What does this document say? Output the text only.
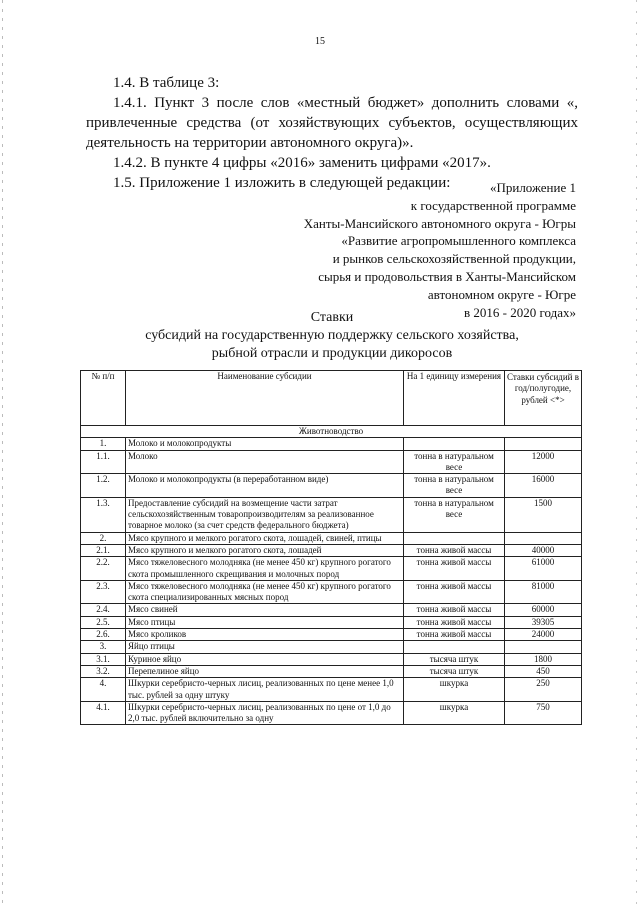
15

1.4. В таблице 3:

1.4.1. Пункт 3 после слов «местный бюджет» дополнить словами «, привлеченные средства (от хозяйствующих субъектов, осуществляющих деятельность на территории автономного округа)».

1.4.2. В пункте 4 цифры «2016» заменить цифрами «2017».

1.5. Приложение 1 изложить в следующей редакции:	«Приложение 1
к государственной программе
Ханты-Мансийского автономного округа - Югры
«Развитие агропромышленного комплекса
и рынков сельскохозяйственной продукции,
сырья и продовольствия в Ханты-Мансийском
автономном округе - Югре
в 2016 - 2020 годах»
Ставки
субсидий на государственную поддержку сельского хозяйства,
рыбной отрасли и продукции дикоросов
№ п/п	Наименование субсидии	На 1 единицу измерения	Ставки субсидий в год/полугодие, рублей <*>
Животноводство			
1.	Молоко и молокопродукты		
1.1.	Молоко	тонна в натуральном весе	12000
1.2.	Молоко и молокопродукты (в переработанном виде)	тонна в натуральном весе	16000
1.3.	Предоставление субсидий на возмещение части затрат сельскохозяйственным товаропроизводителям за реализованное товарное молоко (за счет средств федерального бюджета)	тонна в натуральном весе	1500
2.	Мясо крупного и мелкого рогатого скота, лошадей, свиней, птицы		
2.1.	Мясо крупного и мелкого рогатого скота, лошадей	тонна живой массы	40000
2.2.	Мясо тяжеловесного молодняка (не менее 450 кг) крупного рогатого скота промышленного скрещивания и молочных пород	тонна живой массы	61000
2.3.	Мясо тяжеловесного молодняка (не менее 450 кг) крупного рогатого скота специализированных мясных пород	тонна живой массы	81000
2.4.	Мясо свиней	тонна живой массы	60000
2.5.	Мясо птицы	тонна живой массы	39305
2.6.	Мясо кроликов	тонна живой массы	24000
3.	Яйцо птицы		
3.1.	Куриное яйцо	тысяча штук	1800
3.2.	Перепелиное яйцо	тысяча штук	450
4.	Шкурки серебристо-черных лисиц, реализованных по цене менее 1,0 тыс. рублей за одну штуку	шкурка	250
4.1.	Шкурки серебристо-черных лисиц, реализованных по цене от 1,0 до 2,0 тыс. рублей включительно за одну	шкурка	750
